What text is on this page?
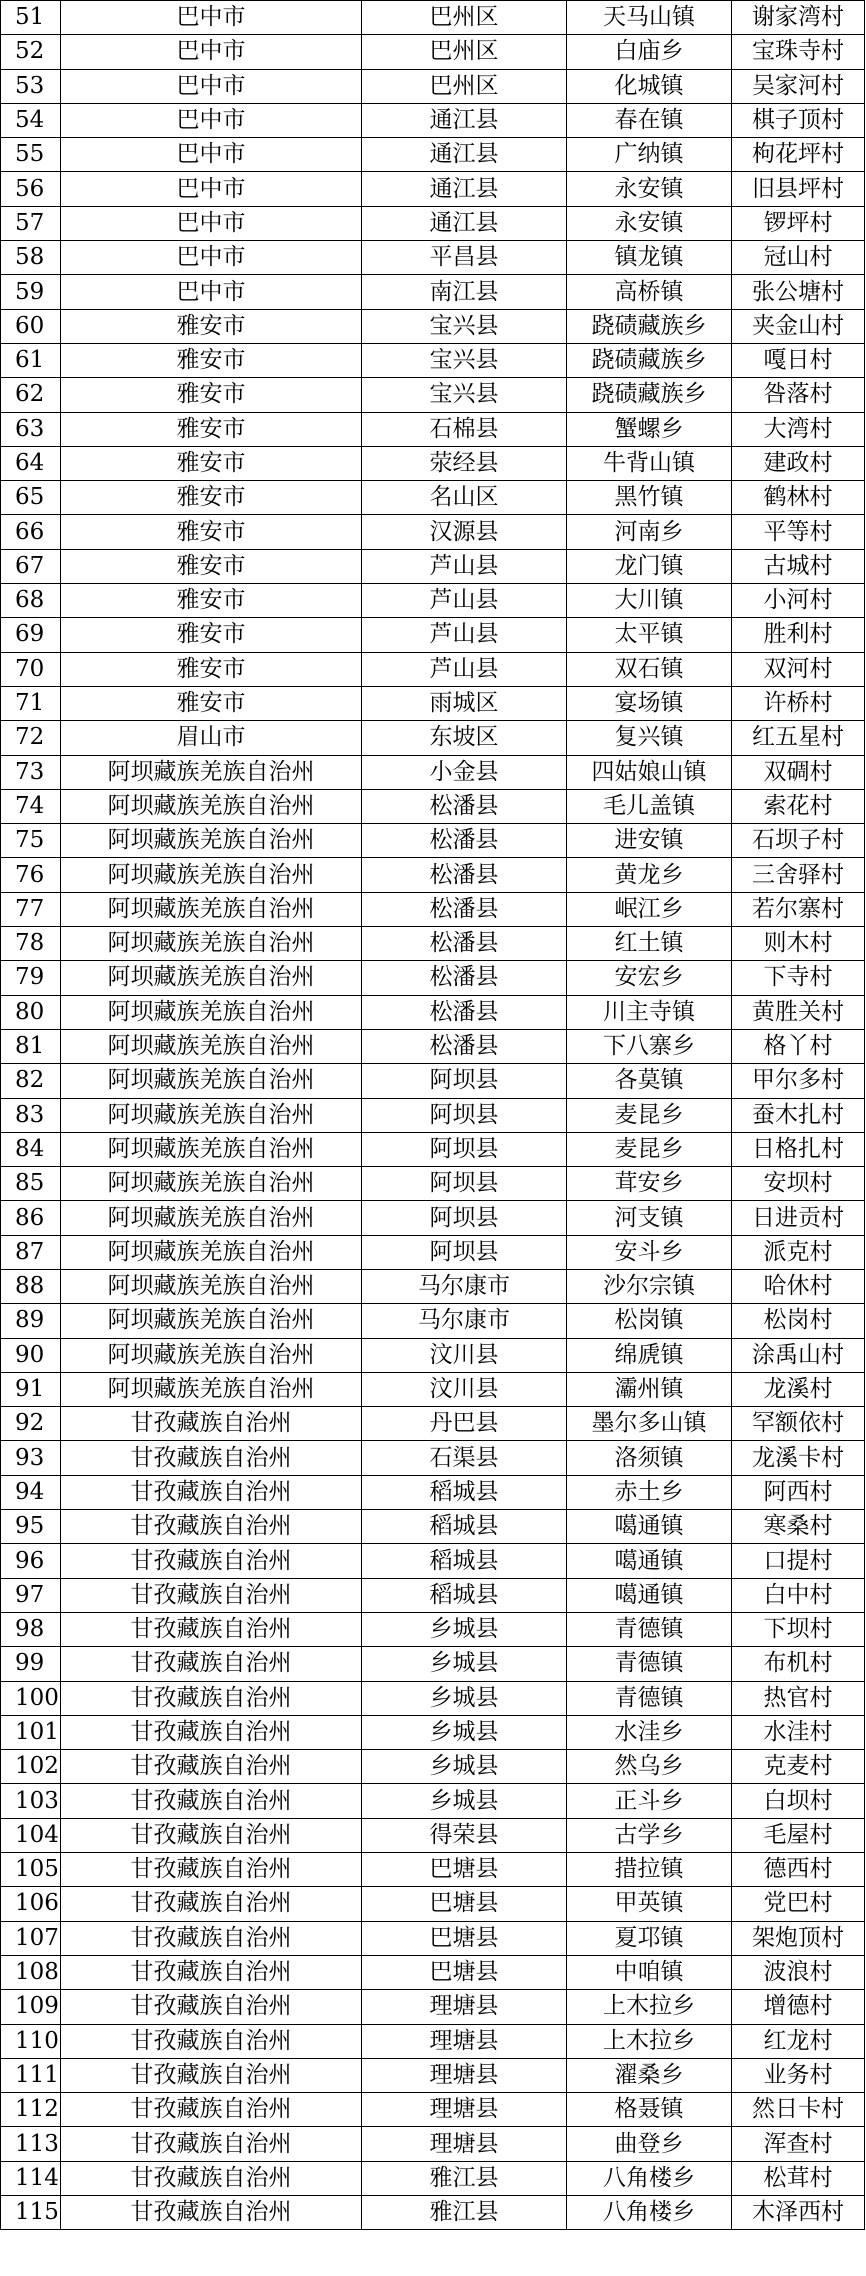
51	巴中市	巴州区	天马山镇	谢家湾村
52	巴中市	巴州区	白庙乡	宝珠寺村
53	巴中市	巴州区	化城镇	吴家河村
54	巴中市	通江县	春在镇	棋子顶村
55	巴中市	通江县	广纳镇	枸花坪村
56	巴中市	通江县	永安镇	旧县坪村
57	巴中市	通江县	永安镇	锣坪村
58	巴中市	平昌县	镇龙镇	冠山村
59	巴中市	南江县	高桥镇	张公塘村
60	雅安市	宝兴县	跷碛藏族乡	夹金山村
61	雅安市	宝兴县	跷碛藏族乡	嘎日村
62	雅安市	宝兴县	跷碛藏族乡	咎落村
63	雅安市	石棉县	蟹螺乡	大湾村
64	雅安市	荥经县	牛背山镇	建政村
65	雅安市	名山区	黑竹镇	鹤林村
66	雅安市	汉源县	河南乡	平等村
67	雅安市	芦山县	龙门镇	古城村
68	雅安市	芦山县	大川镇	小河村
69	雅安市	芦山县	太平镇	胜利村
70	雅安市	芦山县	双石镇	双河村
71	雅安市	雨城区	宴场镇	许桥村
72	眉山市	东坡区	复兴镇	红五星村
73	阿坝藏族羌族自治州	小金县	四姑娘山镇	双碉村
74	阿坝藏族羌族自治州	松潘县	毛儿盖镇	索花村
75	阿坝藏族羌族自治州	松潘县	进安镇	石坝子村
76	阿坝藏族羌族自治州	松潘县	黄龙乡	三舍驿村
77	阿坝藏族羌族自治州	松潘县	岷江乡	若尔寨村
78	阿坝藏族羌族自治州	松潘县	红土镇	则木村
79	阿坝藏族羌族自治州	松潘县	安宏乡	下寺村
80	阿坝藏族羌族自治州	松潘县	川主寺镇	黄胜关村
81	阿坝藏族羌族自治州	松潘县	下八寨乡	格丫村
82	阿坝藏族羌族自治州	阿坝县	各莫镇	甲尔多村
83	阿坝藏族羌族自治州	阿坝县	麦昆乡	蚕木扎村
84	阿坝藏族羌族自治州	阿坝县	麦昆乡	日格扎村
85	阿坝藏族羌族自治州	阿坝县	茸安乡	安坝村
86	阿坝藏族羌族自治州	阿坝县	河支镇	日进贡村
87	阿坝藏族羌族自治州	阿坝县	安斗乡	派克村
88	阿坝藏族羌族自治州	马尔康市	沙尔宗镇	哈休村
89	阿坝藏族羌族自治州	马尔康市	松岗镇	松岗村
90	阿坝藏族羌族自治州	汶川县	绵虒镇	涂禹山村
91	阿坝藏族羌族自治州	汶川县	灞州镇	龙溪村
92	甘孜藏族自治州	丹巴县	墨尔多山镇	罕额依村
93	甘孜藏族自治州	石渠县	洛须镇	龙溪卡村
94	甘孜藏族自治州	稻城县	赤土乡	阿西村
95	甘孜藏族自治州	稻城县	噶通镇	寒桑村
96	甘孜藏族自治州	稻城县	噶通镇	口提村
97	甘孜藏族自治州	稻城县	噶通镇	白中村
98	甘孜藏族自治州	乡城县	青德镇	下坝村
99	甘孜藏族自治州	乡城县	青德镇	布机村
100	甘孜藏族自治州	乡城县	青德镇	热官村
101	甘孜藏族自治州	乡城县	水洼乡	水洼村
102	甘孜藏族自治州	乡城县	然乌乡	克麦村
103	甘孜藏族自治州	乡城县	正斗乡	白坝村
104	甘孜藏族自治州	得荣县	古学乡	毛屋村
105	甘孜藏族自治州	巴塘县	措拉镇	德西村
106	甘孜藏族自治州	巴塘县	甲英镇	党巴村
107	甘孜藏族自治州	巴塘县	夏邛镇	架炮顶村
108	甘孜藏族自治州	巴塘县	中咱镇	波浪村
109	甘孜藏族自治州	理塘县	上木拉乡	增德村
110	甘孜藏族自治州	理塘县	上木拉乡	红龙村
111	甘孜藏族自治州	理塘县	濯桑乡	业务村
112	甘孜藏族自治州	理塘县	格聂镇	然日卡村
113	甘孜藏族自治州	理塘县	曲登乡	浑查村
114	甘孜藏族自治州	雅江县	八角楼乡	松茸村
115	甘孜藏族自治州	雅江县	八角楼乡	木泽西村
